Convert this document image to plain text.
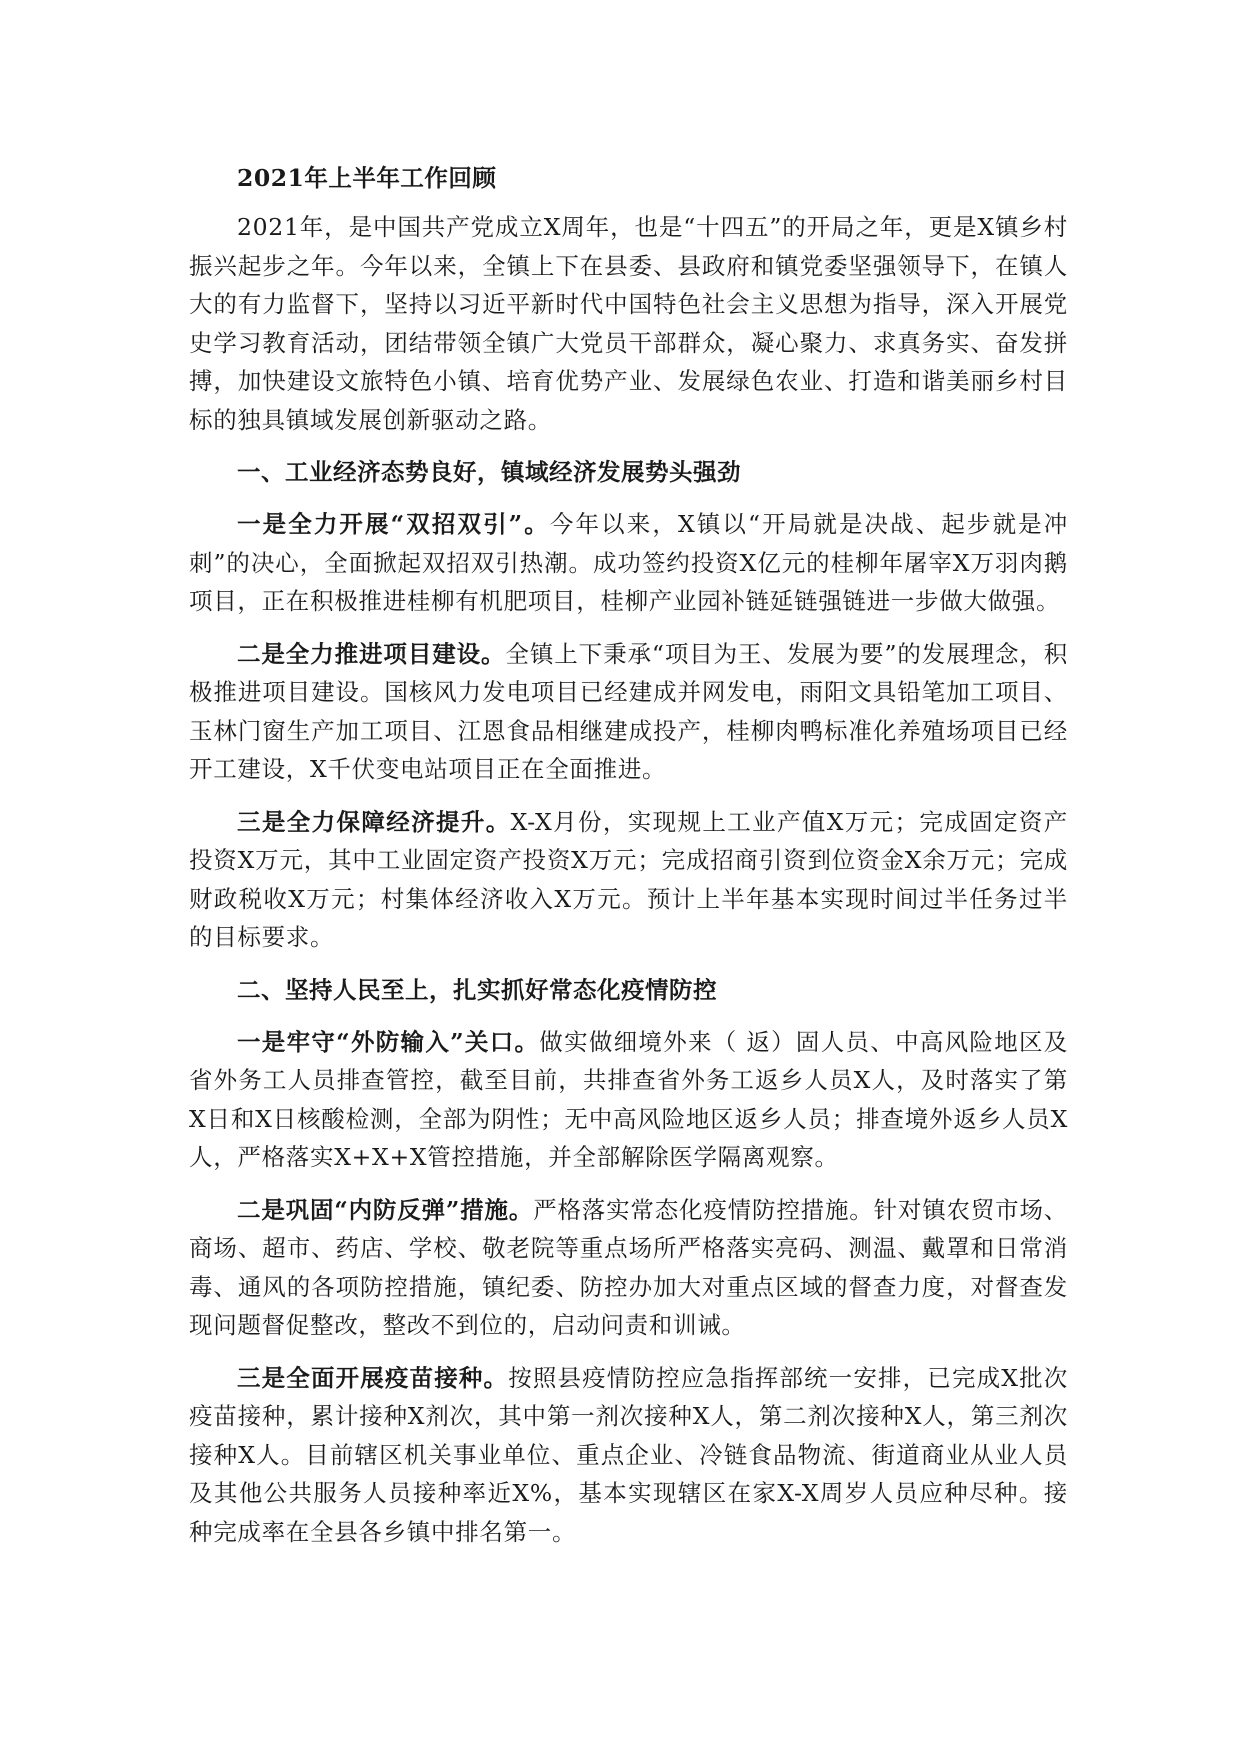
2021年上半年工作回顾

2021年，是中国共产党成立X周年，也是“十四五”的开局之年，更是X镇乡村振兴起步之年。今年以来，全镇上下在县委、县政府和镇党委坚强领导下，在镇人大的有力监督下，坚持以习近平新时代中国特色社会主义思想为指导，深入开展党史学习教育活动，团结带领全镇广大党员干部群众，凝心聚力、求真务实、奋发拼搏，加快建设文旅特色小镇、培育优势产业、发展绿色农业、打造和谐美丽乡村目标的独具镇域发展创新驱动之路。

一、工业经济态势良好，镇域经济发展势头强劲

一是全力开展“双招双引”。今年以来，X镇以“开局就是决战、起步就是冲刺”的决心，全面掀起双招双引热潮。成功签约投资X亿元的桂柳年屠宰X万羽肉鹅项目，正在积极推进桂柳有机肥项目，桂柳产业园补链延链强链进一步做大做强。

二是全力推进项目建设。全镇上下秉承“项目为王、发展为要”的发展理念，积极推进项目建设。国核风力发电项目已经建成并网发电，雨阳文具铅笔加工项目、玉林门窗生产加工项目、江恩食品相继建成投产，桂柳肉鸭标准化养殖场项目已经开工建设，X千伏变电站项目正在全面推进。

三是全力保障经济提升。X-X月份，实现规上工业产值X万元；完成固定资产投资X万元，其中工业固定资产投资X万元；完成招商引资到位资金X余万元；完成财政税收X万元；村集体经济收入X万元。预计上半年基本实现时间过半任务过半的目标要求。

二、坚持人民至上，扎实抓好常态化疫情防控

一是牢守“外防输入”关口。做实做细境外来（ 返）固人员、中高风险地区及省外务工人员排查管控，截至目前，共排查省外务工返乡人员X人，及时落实了第X日和X日核酸检测，全部为阴性；无中高风险地区返乡人员；排查境外返乡人员X人，严格落实X+X+X管控措施，并全部解除医学隔离观察。

二是巩固“内防反弹”措施。严格落实常态化疫情防控措施。针对镇农贸市场、商场、超市、药店、学校、敬老院等重点场所严格落实亮码、测温、戴罩和日常消毒、通风的各项防控措施，镇纪委、防控办加大对重点区域的督查力度，对督查发现问题督促整改，整改不到位的，启动问责和训诫。

三是全面开展疫苗接种。按照县疫情防控应急指挥部统一安排，已完成X批次疫苗接种，累计接种X剂次，其中第一剂次接种X人，第二剂次接种X人，第三剂次接种X人。目前辖区机关事业单位、重点企业、冷链食品物流、街道商业从业人员及其他公共服务人员接种率近X%，基本实现辖区在家X-X周岁人员应种尽种。接种完成率在全县各乡镇中排名第一。
